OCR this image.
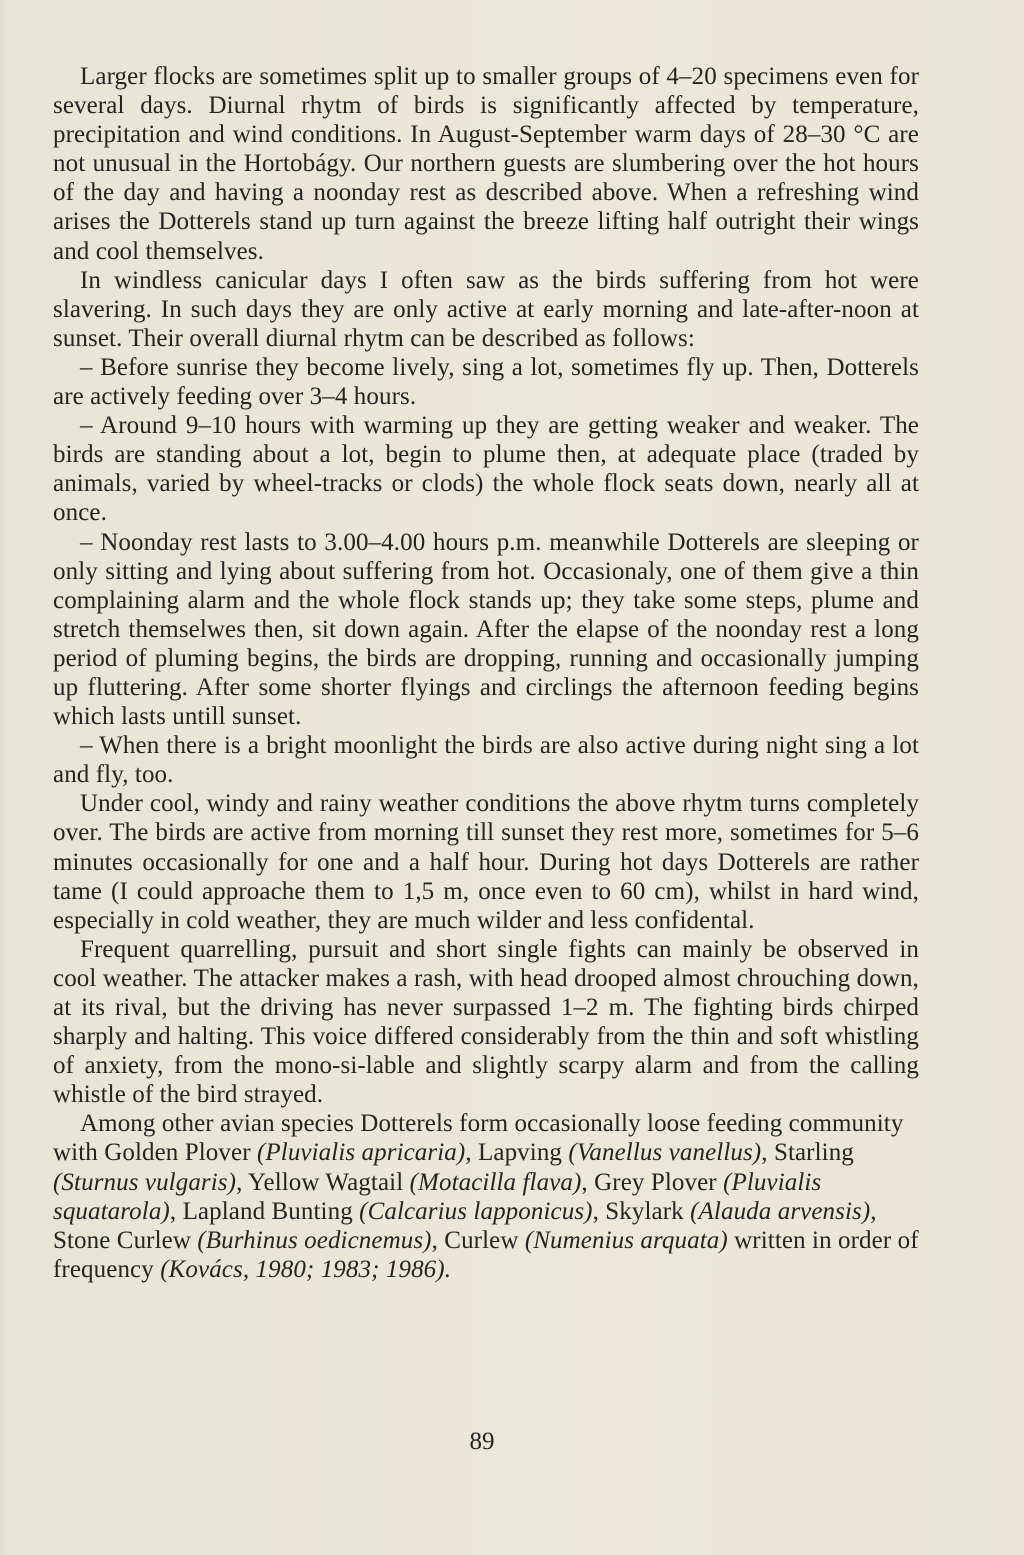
Larger flocks are sometimes split up to smaller groups of 4–20 specimens even for several days. Diurnal rhytm of birds is significantly affected by temperature, precipitation and wind conditions. In August-September warm days of 28–30 °C are not unusual in the Hortobágy. Our northern guests are slumbering over the hot hours of the day and having a noonday rest as described above. When a refreshing wind arises the Dotterels stand up turn against the breeze lifting half outright their wings and cool themselves.

In windless canicular days I often saw as the birds suffering from hot were slavering. In such days they are only active at early morning and late-after-noon at sunset. Their overall diurnal rhytm can be described as follows:

– Before sunrise they become lively, sing a lot, sometimes fly up. Then, Dotterels are actively feeding over 3–4 hours.

– Around 9–10 hours with warming up they are getting weaker and weaker. The birds are standing about a lot, begin to plume then, at adequate place (traded by animals, varied by wheel-tracks or clods) the whole flock seats down, nearly all at once.

– Noonday rest lasts to 3.00–4.00 hours p.m. meanwhile Dotterels are sleeping or only sitting and lying about suffering from hot. Occasionaly, one of them give a thin complaining alarm and the whole flock stands up; they take some steps, plume and stretch themselwes then, sit down again. After the elapse of the noonday rest a long period of pluming begins, the birds are dropping, running and occasionally jumping up fluttering. After some shorter flyings and circlings the afternoon feeding begins which lasts untill sunset.

– When there is a bright moonlight the birds are also active during night sing a lot and fly, too.

Under cool, windy and rainy weather conditions the above rhytm turns completely over. The birds are active from morning till sunset they rest more, sometimes for 5–6 minutes occasionally for one and a half hour. During hot days Dotterels are rather tame (I could approache them to 1,5 m, once even to 60 cm), whilst in hard wind, especially in cold weather, they are much wilder and less confidental.

Frequent quarrelling, pursuit and short single fights can mainly be observed in cool weather. The attacker makes a rash, with head drooped almost chrouching down, at its rival, but the driving has never surpassed 1–2 m. The fighting birds chirped sharply and halting. This voice differed considerably from the thin and soft whistling of anxiety, from the mono-si-lable and slightly scarpy alarm and from the calling whistle of the bird strayed.

Among other avian species Dotterels form occasionally loose feeding community with Golden Plover (Pluvialis apricaria), Lapving (Vanellus vanellus), Starling (Sturnus vulgaris), Yellow Wagtail (Motacilla flava), Grey Plover (Pluvialis squatarola), Lapland Bunting (Calcarius lapponicus), Skylark (Alauda arvensis), Stone Curlew (Burhinus oedicnemus), Curlew (Numenius arquata) written in order of frequency (Kovács, 1980; 1983; 1986).

89
